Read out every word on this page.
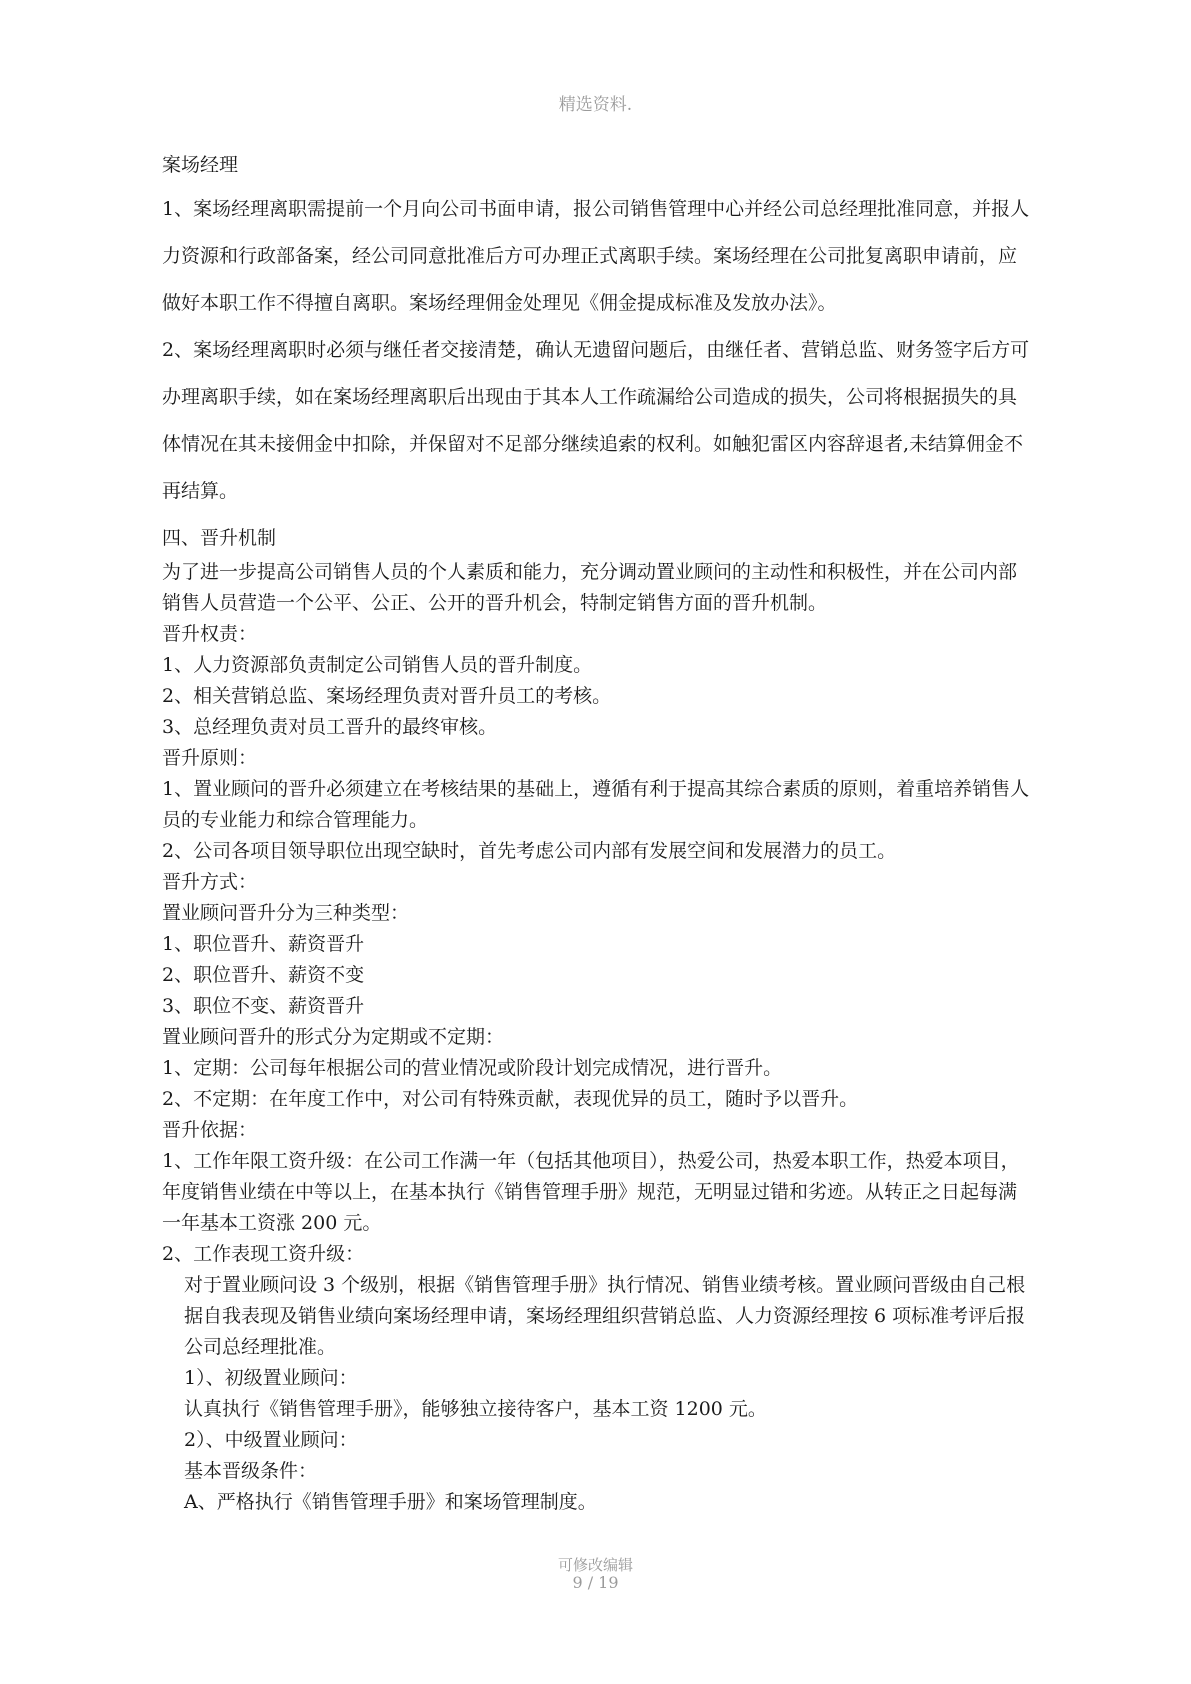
精选资料.

案场经理

1、案场经理离职需提前一个月向公司书面申请，报公司销售管理中心并经公司总经理批准同意，并报人力资源和行政部备案，经公司同意批准后方可办理正式离职手续。案场经理在公司批复离职申请前，应做好本职工作不得擅自离职。案场经理佣金处理见《佣金提成标准及发放办法》。

2、案场经理离职时必须与继任者交接清楚，确认无遗留问题后，由继任者、营销总监、财务签字后方可办理离职手续，如在案场经理离职后出现由于其本人工作疏漏给公司造成的损失，公司将根据损失的具体情况在其未接佣金中扣除，并保留对不足部分继续追索的权利。如触犯雷区内容辞退者,未结算佣金不再结算。

四、晋升机制

为了进一步提高公司销售人员的个人素质和能力，充分调动置业顾问的主动性和积极性，并在公司内部销售人员营造一个公平、公正、公开的晋升机会，特制定销售方面的晋升机制。

晋升权责：

1、人力资源部负责制定公司销售人员的晋升制度。

2、相关营销总监、案场经理负责对晋升员工的考核。

3、总经理负责对员工晋升的最终审核。

晋升原则：

1、置业顾问的晋升必须建立在考核结果的基础上，遵循有利于提高其综合素质的原则，着重培养销售人员的专业能力和综合管理能力。

2、公司各项目领导职位出现空缺时，首先考虑公司内部有发展空间和发展潜力的员工。

晋升方式：

置业顾问晋升分为三种类型：

1、职位晋升、薪资晋升

2、职位晋升、薪资不变

3、职位不变、薪资晋升

置业顾问晋升的形式分为定期或不定期：

1、定期：公司每年根据公司的营业情况或阶段计划完成情况，进行晋升。

2、不定期：在年度工作中，对公司有特殊贡献，表现优异的员工，随时予以晋升。

晋升依据：

1、工作年限工资升级：在公司工作满一年（包括其他项目），热爱公司，热爱本职工作，热爱本项目，年度销售业绩在中等以上，在基本执行《销售管理手册》规范，无明显过错和劣迹。从转正之日起每满一年基本工资涨 200 元。

2、工作表现工资升级：

对于置业顾问设 3 个级别，根据《销售管理手册》执行情况、销售业绩考核。置业顾问晋级由自己根据自我表现及销售业绩向案场经理申请，案场经理组织营销总监、人力资源经理按 6 项标准考评后报公司总经理批准。

1）、初级置业顾问：

认真执行《销售管理手册》，能够独立接待客户，基本工资 1200 元。

2）、中级置业顾问：

基本晋级条件：

A、严格执行《销售管理手册》和案场管理制度。

可修改编辑
9 / 19
